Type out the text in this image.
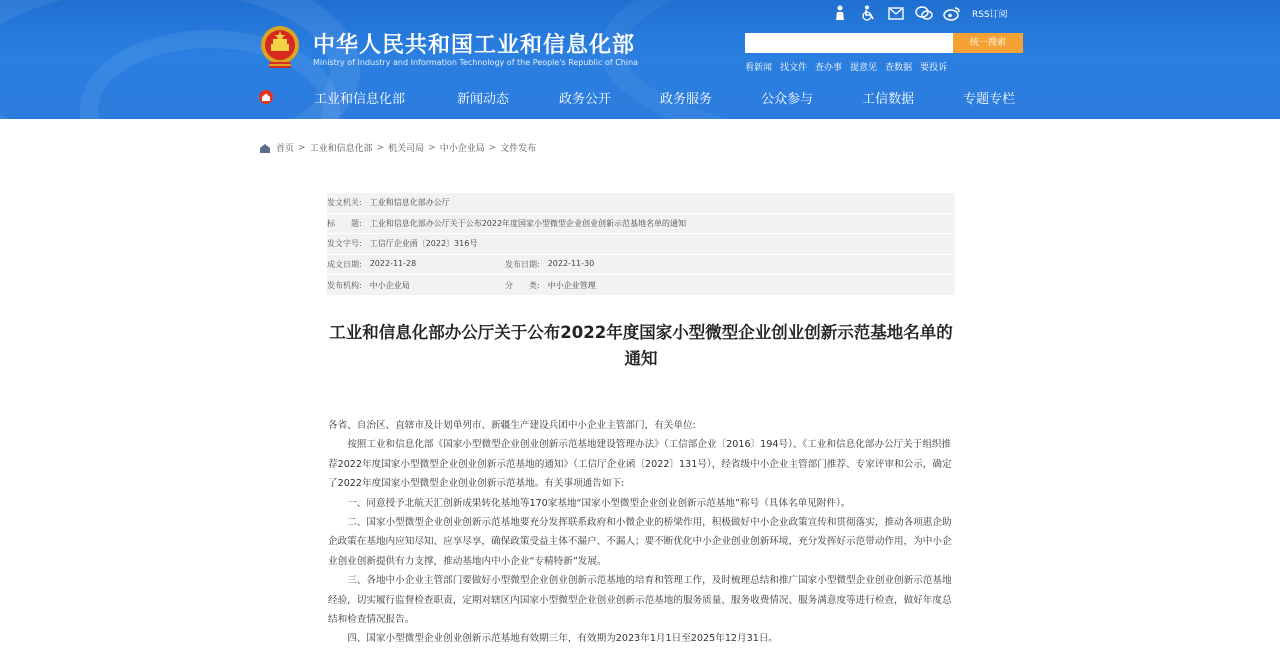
中华人民共和国工业和信息化部
Ministry of Industry and Information Technology of the People's Republic of China
RSS订阅
统一搜索
看新闻 找文件 查办事 提意见 查数据 要投诉
工业和信息化部	新闻动态	政务公开	政务服务	公众参与	工信数据	专题专栏
首页 > 工业和信息化部 > 机关司局 > 中小企业局 > 文件发布
发文机关: 工业和信息化部办公厅
标　　题: 工业和信息化部办公厅关于公布2022年度国家小型微型企业创业创新示范基地名单的通知
发文字号: 工信厅企业函〔2022〕316号
成文日期: 2022-11-28	发布日期: 2022-11-30
发布机构: 中小企业局	分　　类: 中小企业管理
工业和信息化部办公厅关于公布2022年度国家小型微型企业创业创新示范基地名单的
通知

各省、自治区、直辖市及计划单列市、新疆生产建设兵团中小企业主管部门，有关单位:

按照工业和信息化部《国家小型微型企业创业创新示范基地建设管理办法》（工信部企业〔2016〕194号）、《工业和信息化部办公厅关于组织推荐2022年度国家小型微型企业创业创新示范基地的通知》（工信厅企业函〔2022〕131号），经省级中小企业主管部门推荐、专家评审和公示，确定了2022年度国家小型微型企业创业创新示范基地。有关事项通告如下:

一、同意授予北航天汇创新成果转化基地等170家基地“国家小型微型企业创业创新示范基地”称号（具体名单见附件）。

二、国家小型微型企业创业创新示范基地要充分发挥联系政府和小微企业的桥梁作用，积极做好中小企业政策宣传和贯彻落实，推动各项惠企助企政策在基地内应知尽知、应享尽享，确保政策受益主体不漏户、不漏人；要不断优化中小企业创业创新环境，充分发挥好示范带动作用，为中小企业创业创新提供有力支撑，推动基地内中小企业“专精特新”发展。

三、各地中小企业主管部门要做好小型微型企业创业创新示范基地的培育和管理工作，及时梳理总结和推广国家小型微型企业创业创新示范基地经验，切实履行监督检查职责，定期对辖区内国家小型微型企业创业创新示范基地的服务质量、服务收费情况、服务满意度等进行检查，做好年度总结和检查情况报告。

四、国家小型微型企业创业创新示范基地有效期三年，有效期为2023年1月1日至2025年12月31日。
